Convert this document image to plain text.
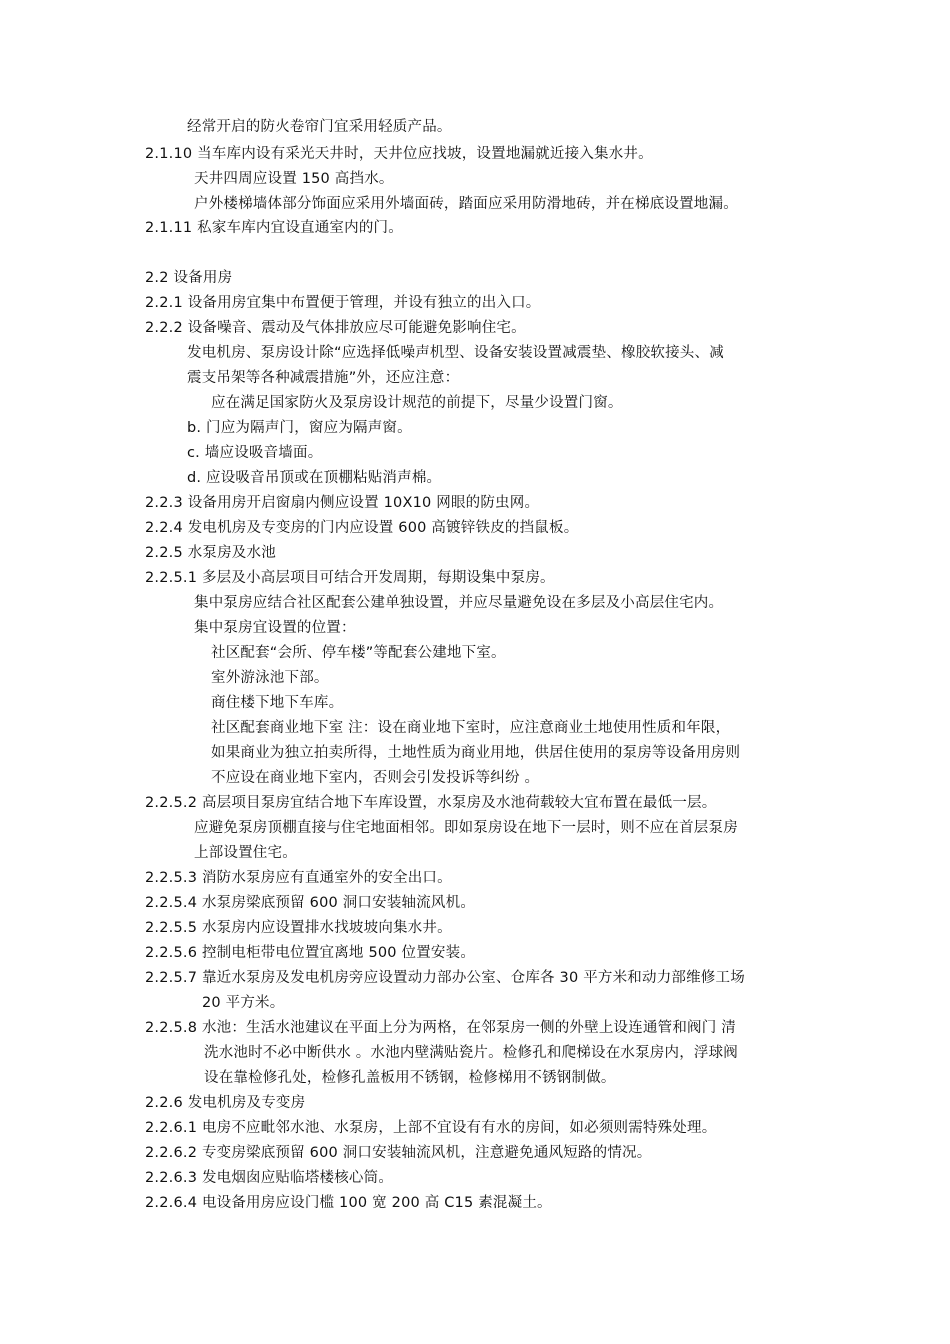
经常开启的防火卷帘门宜采用轻质产品。
2.1.10 当车库内设有采光天井时，天井位应找坡，设置地漏就近接入集水井。
天井四周应设置 150 高挡水。
户外楼梯墙体部分饰面应采用外墙面砖，踏面应采用防滑地砖，并在梯底设置地漏。
2.1.11 私家车库内宜设直通室内的门。
2.2 设备用房
2.2.1 设备用房宜集中布置便于管理，并设有独立的出入口。
2.2.2 设备噪音、震动及气体排放应尽可能避免影响住宅。
发电机房、泵房设计除“应选择低噪声机型、设备安装设置减震垫、橡胶软接头、减
震支吊架等各种减震措施”外，还应注意：
应在满足国家防火及泵房设计规范的前提下，尽量少设置门窗。
b. 门应为隔声门，窗应为隔声窗。
c. 墙应设吸音墙面。
d. 应设吸音吊顶或在顶棚粘贴消声棉。
2.2.3 设备用房开启窗扇内侧应设置 10X10 网眼的防虫网。
2.2.4 发电机房及专变房的门内应设置 600 高镀锌铁皮的挡鼠板。
2.2.5 水泵房及水池
2.2.5.1 多层及小高层项目可结合开发周期，每期设集中泵房。
集中泵房应结合社区配套公建单独设置，并应尽量避免设在多层及小高层住宅内。
集中泵房宜设置的位置：
社区配套“会所、停车楼”等配套公建地下室。
室外游泳池下部。
商住楼下地下车库。
社区配套商业地下室 注：设在商业地下室时，应注意商业土地使用性质和年限，
如果商业为独立拍卖所得，土地性质为商业用地，供居住使用的泵房等设备用房则
不应设在商业地下室内，否则会引发投诉等纠纷 。
2.2.5.2 高层项目泵房宜结合地下车库设置，水泵房及水池荷载较大宜布置在最低一层。
应避免泵房顶棚直接与住宅地面相邻。即如泵房设在地下一层时，则不应在首层泵房
上部设置住宅。
2.2.5.3 消防水泵房应有直通室外的安全出口。
2.2.5.4 水泵房梁底预留 600 洞口安装轴流风机。
2.2.5.5 水泵房内应设置排水找坡坡向集水井。
2.2.5.6 控制电柜带电位置宜离地 500 位置安装。
2.2.5.7 靠近水泵房及发电机房旁应设置动力部办公室、仓库各 30 平方米和动力部维修工场
20 平方米。
2.2.5.8 水池：生活水池建议在平面上分为两格，在邻泵房一侧的外壁上设连通管和阀门 清
洗水池时不必中断供水 。水池内壁满贴瓷片。检修孔和爬梯设在水泵房内，浮球阀
设在靠检修孔处，检修孔盖板用不锈钢，检修梯用不锈钢制做。
2.2.6 发电机房及专变房
2.2.6.1 电房不应毗邻水池、水泵房，上部不宜设有有水的房间，如必须则需特殊处理。
2.2.6.2 专变房梁底预留 600 洞口安装轴流风机，注意避免通风短路的情况。
2.2.6.3 发电烟囱应贴临塔楼核心筒。
2.2.6.4 电设备用房应设门槛 100 宽 200 高 C15 素混凝土。
